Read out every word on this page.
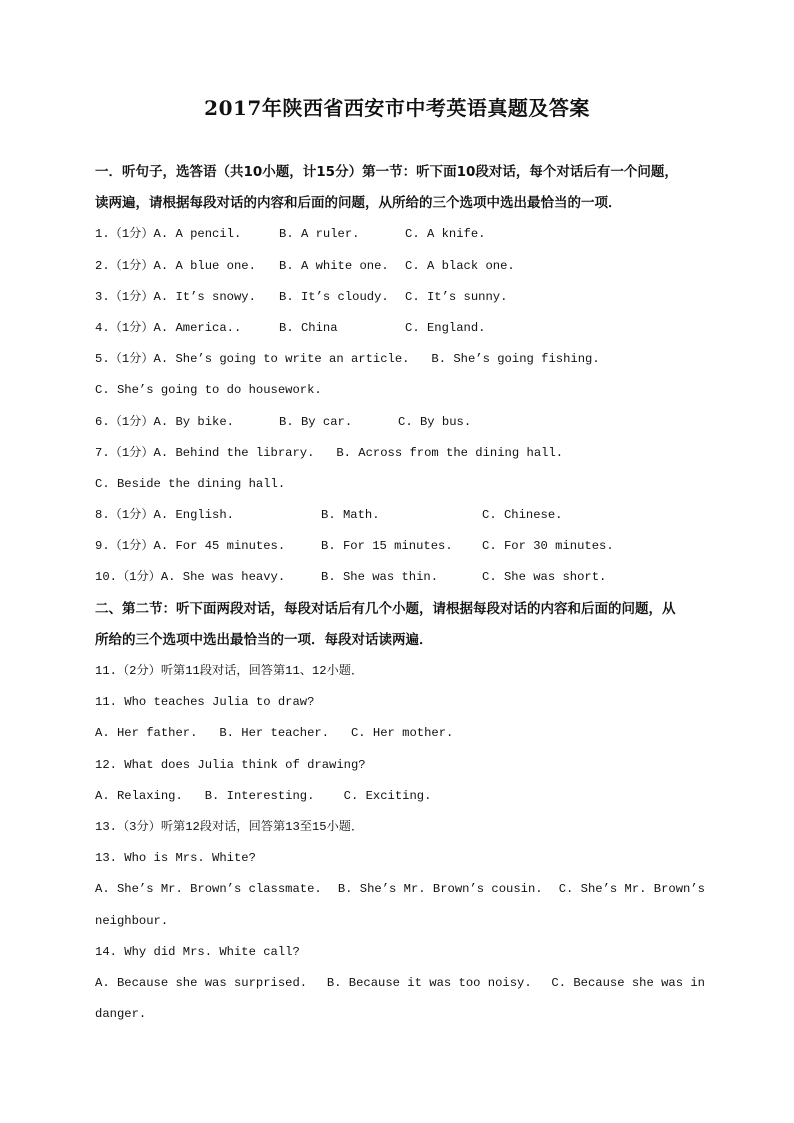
2017年陕西省西安市中考英语真题及答案
一．听句子，选答语（共10小题，计15分）第一节：听下面10段对话，每个对话后有一个问题，
读两遍，请根据每段对话的内容和后面的问题，从所给的三个选项中选出最恰当的一项．
1.（1分）A. A pencil.	B. A ruler.	C. A knife.
2.（1分）A. A blue one.	B. A white one.	C. A black one.
3.（1分）A. It’s snowy.	B. It’s cloudy.	C. It’s sunny.
4.（1分）A. America..	B. China	C. England.
5.（1分）A. She’s going to write an article.   B. She’s going fishing.
C. She’s going to do housework.
6.（1分）A. By bike.	B. By car.	C. By bus.
7.（1分）A. Behind the library.   B. Across from the dining hall.
C. Beside the dining hall.
8.（1分）A. English.	B. Math.	C. Chinese.
9.（1分）A. For 45 minutes.	B. For 15 minutes.	C. For 30 minutes.
10.（1分）A. She was heavy.	B. She was thin.	C. She was short.
二、第二节：听下面两段对话，每段对话后有几个小题，请根据每段对话的内容和后面的问题，从
所给的三个选项中选出最恰当的一项．每段对话读两遍．
11.（2分）听第11段对话，回答第11、12小题．
11. Who teaches Julia to draw?
A. Her father.   B. Her teacher.   C. Her mother.
12. What does Julia think of drawing?
A. Relaxing.   B. Interesting.    C. Exciting.
13.（3分）听第12段对话，回答第13至15小题．
13. Who is Mrs. White?
A. She’s Mr. Brown’s classmate. B. She’s Mr. Brown’s cousin. C. She’s Mr. Brown’s
neighbour.
14. Why did Mrs. White call?
A. Because she was surprised. B. Because it was too noisy. C. Because she was in
danger.
